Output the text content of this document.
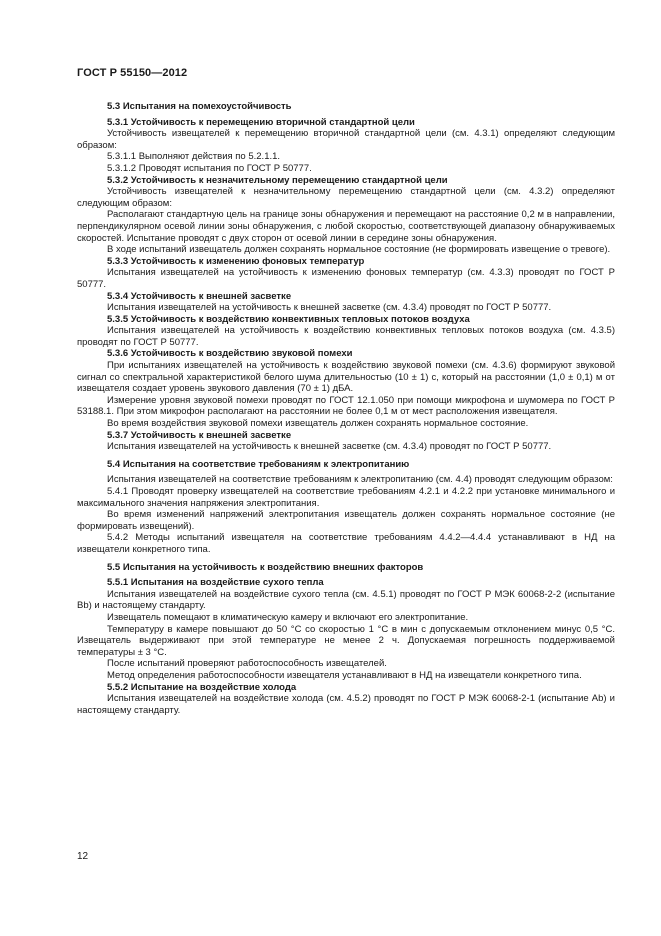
ГОСТ Р 55150—2012
5.3 Испытания на помехоустойчивость
5.3.1 Устойчивость к перемещению вторичной стандартной цели
Устойчивость извещателей к перемещению вторичной стандартной цели (см. 4.3.1) определяют следующим образом:
5.3.1.1 Выполняют действия по 5.2.1.1.
5.3.1.2 Проводят испытания по ГОСТ Р 50777.
5.3.2 Устойчивость к незначительному перемещению стандартной цели
Устойчивость извещателей к незначительному перемещению стандартной цели (см. 4.3.2) определяют следующим образом:
Располагают стандартную цель на границе зоны обнаружения и перемещают на расстояние 0,2 м в направлении, перпендикулярном осевой линии зоны обнаружения, с любой скоростью, соответствующей диапазону обнаруживаемых скоростей. Испытание проводят с двух сторон от осевой линии в середине зоны обнаружения.
В ходе испытаний извещатель должен сохранять нормальное состояние (не формировать извещение о тревоге).
5.3.3 Устойчивость к изменению фоновых температур
Испытания извещателей на устойчивость к изменению фоновых температур (см. 4.3.3) проводят по ГОСТ Р 50777.
5.3.4 Устойчивость к внешней засветке
Испытания извещателей на устойчивость к внешней засветке (см. 4.3.4) проводят по ГОСТ Р 50777.
5.3.5 Устойчивость к воздействию конвективных тепловых потоков воздуха
Испытания извещателей на устойчивость к воздействию конвективных тепловых потоков воздуха (см. 4.3.5) проводят по ГОСТ Р 50777.
5.3.6 Устойчивость к воздействию звуковой помехи
При испытаниях извещателей на устойчивость к воздействию звуковой помехи (см. 4.3.6) формируют звуковой сигнал со спектральной характеристикой белого шума длительностью (10 ± 1) с, который на расстоянии (1,0 ± 0,1) м от извещателя создает уровень звукового давления (70 ± 1) дБА.
Измерение уровня звуковой помехи проводят по ГОСТ 12.1.050 при помощи микрофона и шумомера по ГОСТ Р 53188.1. При этом микрофон располагают на расстоянии не более 0,1 м от мест расположения извещателя.
Во время воздействия звуковой помехи извещатель должен сохранять нормальное состояние.
5.3.7 Устойчивость к внешней засветке
Испытания извещателей на устойчивость к внешней засветке (см. 4.3.4) проводят по ГОСТ Р 50777.
5.4 Испытания на соответствие требованиям к электропитанию
Испытания извещателей на соответствие требованиям к электропитанию (см. 4.4) проводят следующим образом:
5.4.1 Проводят проверку извещателей на соответствие требованиям 4.2.1 и 4.2.2 при установке минимального и максимального значения напряжения электропитания.
Во время изменений напряжений электропитания извещатель должен сохранять нормальное состояние (не формировать извещений).
5.4.2 Методы испытаний извещателя на соответствие требованиям 4.4.2—4.4.4 устанавливают в НД на извещатели конкретного типа.
5.5 Испытания на устойчивость к воздействию внешних факторов
5.5.1 Испытания на воздействие сухого тепла
Испытания извещателей на воздействие сухого тепла (см. 4.5.1) проводят по ГОСТ Р МЭК 60068-2-2 (испытание Bb) и настоящему стандарту.
Извещатель помещают в климатическую камеру и включают его электропитание.
Температуру в камере повышают до 50 °С со скоростью 1 °С в мин с допускаемым отклонением минус 0,5 °С. Извещатель выдерживают при этой температуре не менее 2 ч. Допускаемая погрешность поддерживаемой температуры ± 3 °С.
После испытаний проверяют работоспособность извещателей.
Метод определения работоспособности извещателя устанавливают в НД на извещатели конкретного типа.
5.5.2 Испытание на воздействие холода
Испытания извещателей на воздействие холода (см. 4.5.2) проводят по ГОСТ Р МЭК 60068-2-1 (испытание Ab) и настоящему стандарту.
12
